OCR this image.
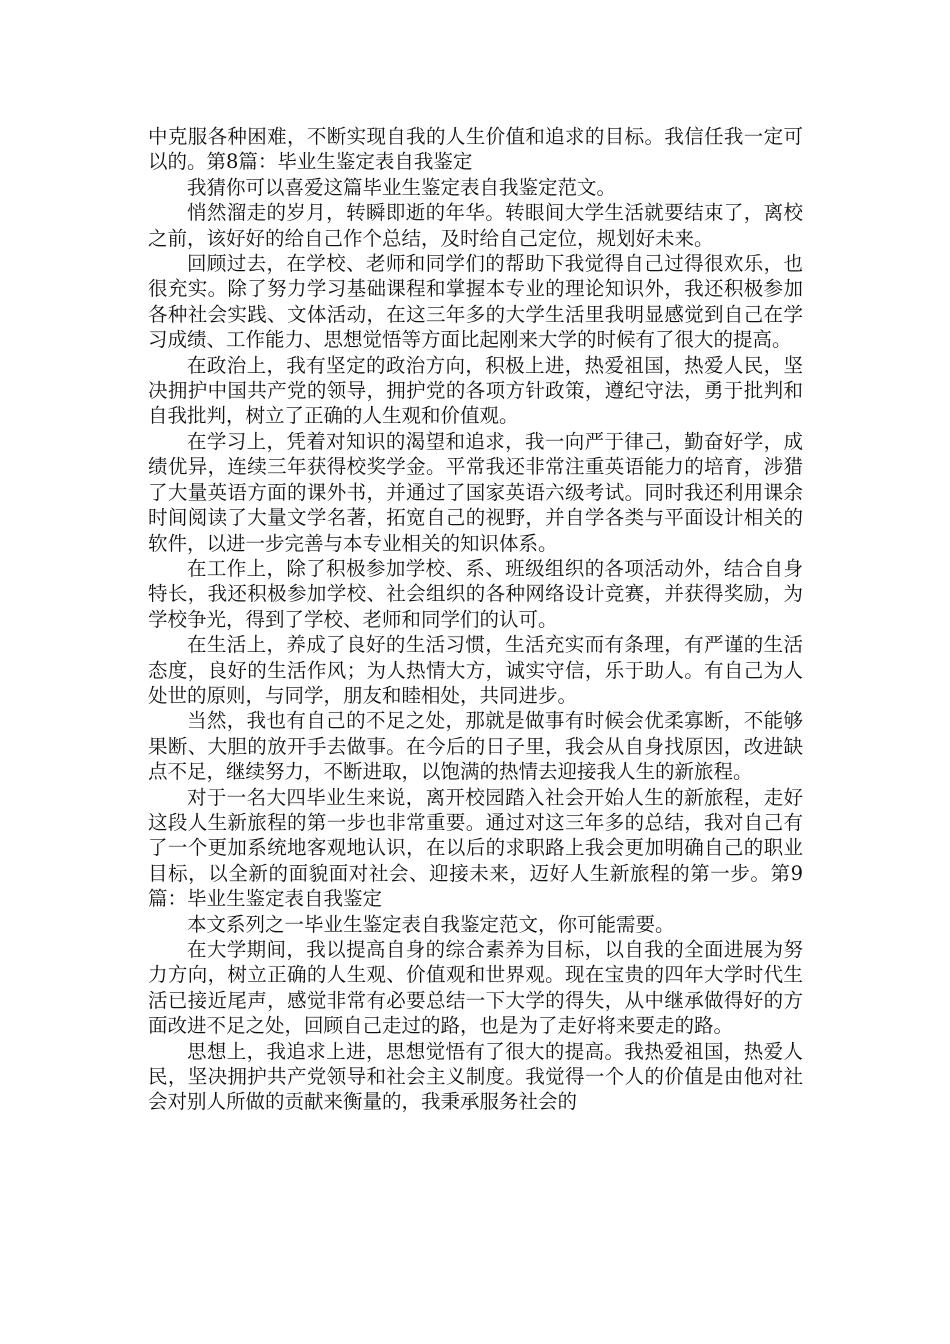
中克服各种困难，不断实现自我的人生价值和追求的目标。我信任我一定可以的。第8篇：毕业生鉴定表自我鉴定

我猜你可以喜爱这篇毕业生鉴定表自我鉴定范文。

悄然溜走的岁月，转瞬即逝的年华。转眼间大学生活就要结束了，离校之前，该好好的给自己作个总结，及时给自己定位，规划好未来。

回顾过去，在学校、老师和同学们的帮助下我觉得自己过得很欢乐，也很充实。除了努力学习基础课程和掌握本专业的理论知识外，我还积极参加各种社会实践、文体活动，在这三年多的大学生活里我明显感觉到自己在学习成绩、工作能力、思想觉悟等方面比起刚来大学的时候有了很大的提高。

在政治上，我有坚定的政治方向，积极上进，热爱祖国，热爱人民，坚决拥护中国共产党的领导，拥护党的各项方针政策，遵纪守法，勇于批判和自我批判，树立了正确的人生观和价值观。

在学习上，凭着对知识的渴望和追求，我一向严于律己，勤奋好学，成绩优异，连续三年获得校奖学金。平常我还非常注重英语能力的培育，涉猎了大量英语方面的课外书，并通过了国家英语六级考试。同时我还利用课余时间阅读了大量文学名著，拓宽自己的视野，并自学各类与平面设计相关的软件，以进一步完善与本专业相关的知识体系。

在工作上，除了积极参加学校、系、班级组织的各项活动外，结合自身特长，我还积极参加学校、社会组织的各种网络设计竞赛，并获得奖励，为学校争光，得到了学校、老师和同学们的认可。

在生活上，养成了良好的生活习惯，生活充实而有条理，有严谨的生活态度，良好的生活作风；为人热情大方，诚实守信，乐于助人。有自己为人处世的原则，与同学，朋友和睦相处，共同进步。

当然，我也有自己的不足之处，那就是做事有时候会优柔寡断，不能够果断、大胆的放开手去做事。在今后的日子里，我会从自身找原因，改进缺点不足，继续努力，不断进取，以饱满的热情去迎接我人生的新旅程。

对于一名大四毕业生来说，离开校园踏入社会开始人生的新旅程，走好这段人生新旅程的第一步也非常重要。通过对这三年多的总结，我对自己有了一个更加系统地客观地认识，在以后的求职路上我会更加明确自己的职业目标，以全新的面貌面对社会、迎接未来，迈好人生新旅程的第一步。第9篇：毕业生鉴定表自我鉴定

本文系列之一毕业生鉴定表自我鉴定范文，你可能需要。

在大学期间，我以提高自身的综合素养为目标，以自我的全面进展为努力方向，树立正确的人生观、价值观和世界观。现在宝贵的四年大学时代生活已接近尾声，感觉非常有必要总结一下大学的得失，从中继承做得好的方面改进不足之处，回顾自己走过的路，也是为了走好将来要走的路。

思想上，我追求上进，思想觉悟有了很大的提高。我热爱祖国，热爱人民，坚决拥护共产党领导和社会主义制度。我觉得一个人的价值是由他对社会对别人所做的贡献来衡量的，我秉承服务社会的
